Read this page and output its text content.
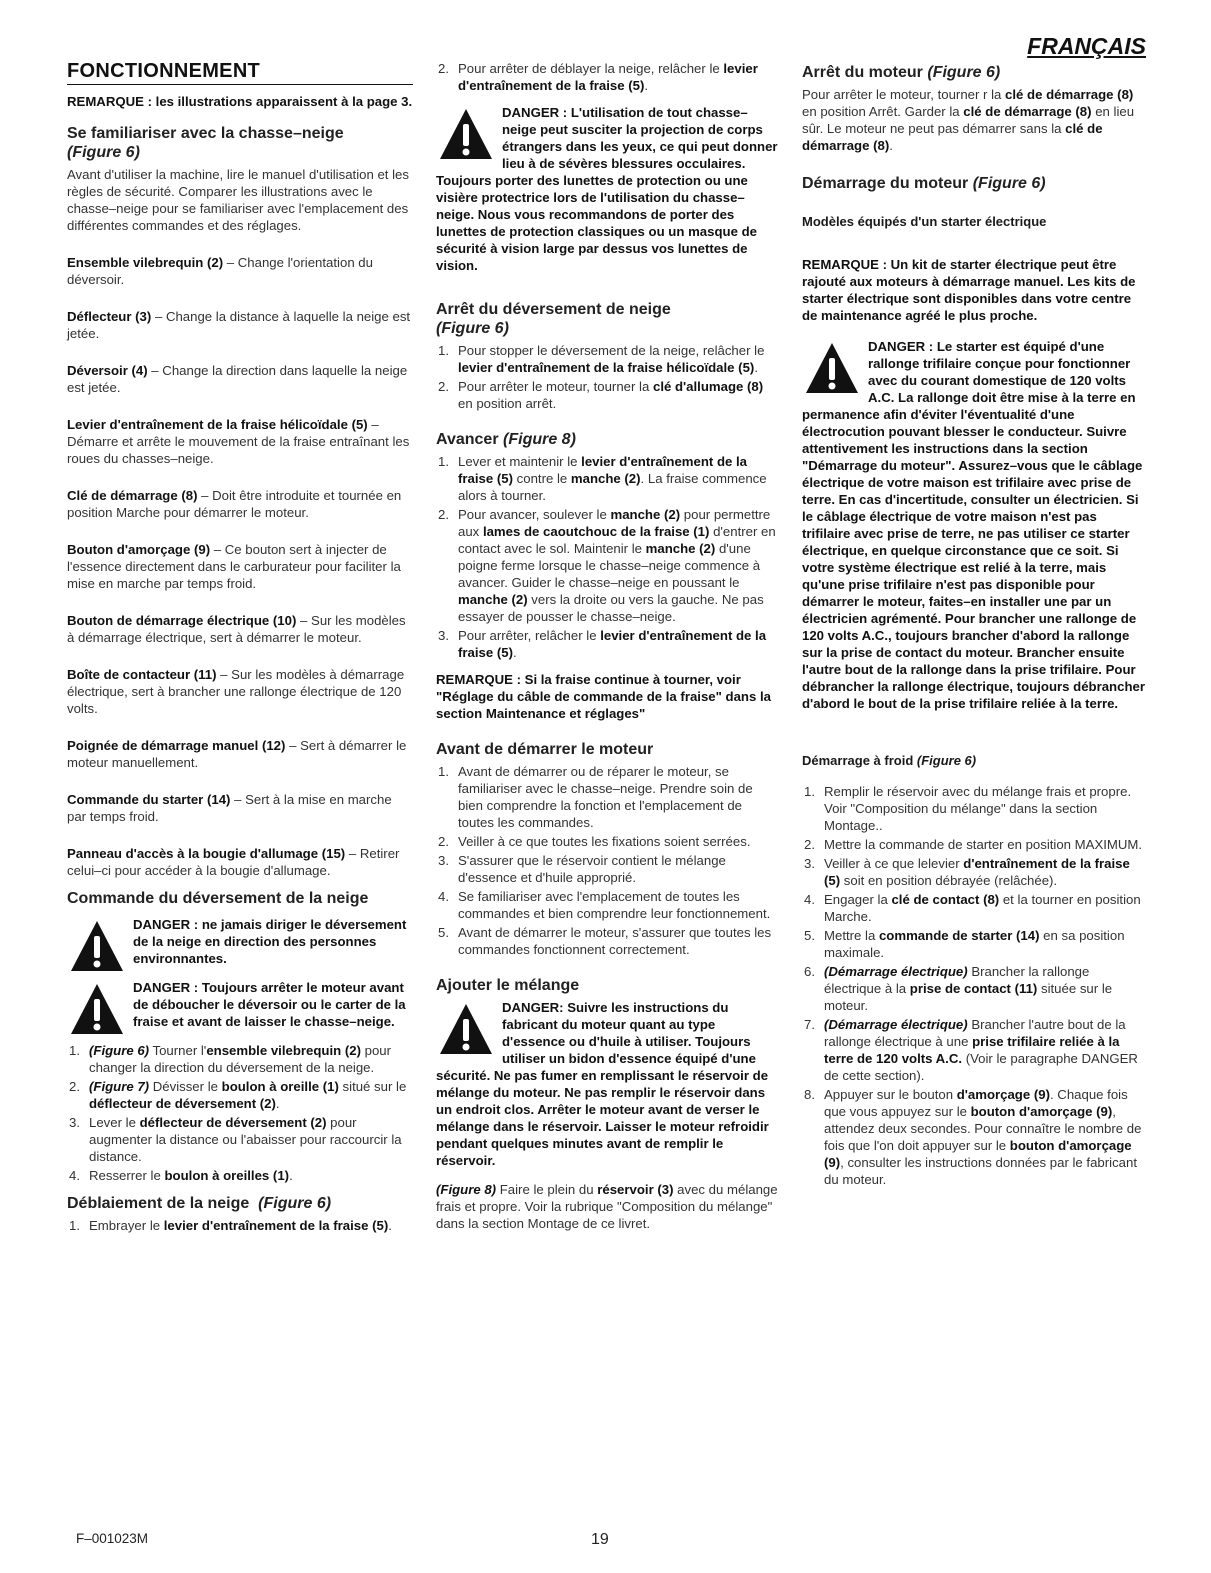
FRANÇAIS
FONCTIONNEMENT

REMARQUE : les illustrations apparaissent à la page 3.

Se familiariser avec la chasse–neige
(Figure 6)

Avant d'utiliser la machine, lire le manuel d'utilisation et les règles de sécurité. Comparer les illustrations avec le chasse–neige pour se familiariser avec l'emplacement des différentes commandes et des réglages.

Ensemble vilebrequin (2) – Change l'orientation du déversoir.

Déflecteur (3) – Change la distance à laquelle la neige est jetée.

Déversoir (4) – Change la direction dans laquelle la neige est jetée.

Levier d'entraînement de la fraise hélicoïdale (5) – Démarre et arrête le mouvement de la fraise entraînant les roues du chasses–neige.

Clé de démarrage (8) – Doit être introduite et tournée en position Marche pour démarrer le moteur.

Bouton d'amorçage (9) – Ce bouton sert à injecter de l'essence directement dans le carburateur pour faciliter la mise en marche par temps froid.

Bouton de démarrage électrique (10) – Sur les modèles à démarrage électrique, sert à démarrer le moteur.

Boîte de contacteur (11) – Sur les modèles à démarrage électrique, sert à brancher une rallonge électrique de 120 volts.

Poignée de démarrage manuel (12) – Sert à démarrer le moteur manuellement.

Commande du starter (14) – Sert à la mise en marche par temps froid.

Panneau d'accès à la bougie d'allumage (15) – Retirer celui–ci pour accéder à la bougie d'allumage.

Commande du déversement de la neige
DANGER : ne jamais diriger le déversement de la neige en direction des personnes environnantes.
DANGER : Toujours arrêter le moteur avant de déboucher le déversoir ou le carter de la fraise et avant de laisser le chasse–neige.
1. (Figure 6) Tourner l'ensemble vilebrequin (2) pour changer la direction du déversement de la neige.
2. (Figure 7) Dévisser le boulon à oreille (1) situé sur le déflecteur de déversement (2).
3. Lever le déflecteur de déversement (2) pour augmenter la distance ou l'abaisser pour raccourcir la distance.
4. Resserrer le boulon à oreilles (1).
Déblaiement de la neige (Figure 6)
1. Embrayer le levier d'entraînement de la fraise (5).
2. Pour arrêter de déblayer la neige, relâcher le levier d'entraînement de la fraise (5).
DANGER : L'utilisation de tout chasse–neige peut susciter la projection de corps étrangers dans les yeux, ce qui peut donner lieu à de sévères blessures occulaires. Toujours porter des lunettes de protection ou une visière protectrice lors de l'utilisation du chasse–neige. Nous vous recommandons de porter des lunettes de protection classiques ou un masque de sécurité à vision large par dessus vos lunettes de vision.
Arrêt du déversement de neige
(Figure 6)
1. Pour stopper le déversement de la neige, relâcher le levier d'entraînement de la fraise hélicoïdale (5).
2. Pour arrêter le moteur, tourner la clé d'allumage (8) en position arrêt.
Avancer (Figure 8)
1. Lever et maintenir le levier d'entraînement de la fraise (5) contre le manche (2). La fraise commence alors à tourner.
2. Pour avancer, soulever le manche (2) pour permettre aux lames de caoutchouc de la fraise (1) d'entrer en contact avec le sol. Maintenir le manche (2) d'une poigne ferme lorsque le chasse–neige commence à avancer. Guider le chasse–neige en poussant le manche (2) vers la droite ou vers la gauche. Ne pas essayer de pousser le chasse–neige.
3. Pour arrêter, relâcher le levier d'entraînement de la fraise (5).

REMARQUE : Si la fraise continue à tourner, voir "Réglage du câble de commande de la fraise" dans la section Maintenance et réglages"

Avant de démarrer le moteur
1. Avant de démarrer ou de réparer le moteur, se familiariser avec le chasse–neige. Prendre soin de bien comprendre la fonction et l'emplacement de toutes les commandes.
2. Veiller à ce que toutes les fixations soient serrées.
3. S'assurer que le réservoir contient le mélange d'essence et d'huile approprié.
4. Se familiariser avec l'emplacement de toutes les commandes et bien comprendre leur fonctionnement.
5. Avant de démarrer le moteur, s'assurer que toutes les commandes fonctionnent correctement.
Ajouter le mélange
DANGER: Suivre les instructions du fabricant du moteur quant au type d'essence ou d'huile à utiliser. Toujours utiliser un bidon d'essence équipé d'une sécurité. Ne pas fumer en remplissant le réservoir de mélange du moteur. Ne pas remplir le réservoir dans un endroit clos. Arrêter le moteur avant de verser le mélange dans le réservoir. Laisser le moteur refroidir pendant quelques minutes avant de remplir le réservoir.

(Figure 8) Faire le plein du réservoir (3) avec du mélange frais et propre. Voir la rubrique "Composition du mélange" dans la section Montage de ce livret.

Arrêt du moteur (Figure 6)

Pour arrêter le moteur, tourner r la clé de démarrage (8) en position Arrêt. Garder la clé de démarrage (8) en lieu sûr. Le moteur ne peut pas démarrer sans la clé de démarrage (8).

Démarrage du moteur (Figure 6)
Modèles équipés d'un starter électrique

REMARQUE : Un kit de starter électrique peut être rajouté aux moteurs à démarrage manuel. Les kits de starter électrique sont disponibles dans votre centre de maintenance agréé le plus proche.

DANGER : Le starter est équipé d'une rallonge trifilaire conçue pour fonctionner avec du courant domestique de 120 volts A.C. La rallonge doit être mise à la terre en permanence afin d'éviter l'éventualité d'une électrocution pouvant blesser le conducteur. Suivre attentivement les instructions dans la section "Démarrage du moteur". Assurez–vous que le câblage électrique de votre maison est trifilaire avec prise de terre. En cas d'incertitude, consulter un électricien. Si le câblage électrique de votre maison n'est pas trifilaire avec prise de terre, ne pas utiliser ce starter électrique, en quelque circonstance que ce soit. Si votre système électrique est relié à la terre, mais qu'une prise trifilaire n'est pas disponible pour démarrer le moteur, faites–en installer une par un électricien agrémenté. Pour brancher une rallonge de 120 volts A.C., toujours brancher d'abord la rallonge sur la prise de contact du moteur. Brancher ensuite l'autre bout de la rallonge dans la prise trifilaire. Pour débrancher la rallonge électrique, toujours débrancher d'abord le bout de la prise trifilaire reliée à la terre.
Démarrage à froid (Figure 6)
1. Remplir le réservoir avec du mélange frais et propre. Voir "Composition du mélange" dans la section Montage..
2. Mettre la commande de starter en position MAXIMUM.
3. Veiller à ce que lelevier d'entraînement de la fraise (5) soit en position débrayée (relâchée).
4. Engager la clé de contact (8) et la tourner en position Marche.
5. Mettre la commande de starter (14) en sa position maximale.
6. (Démarrage électrique) Brancher la rallonge électrique à la prise de contact (11) située sur le moteur.
7. (Démarrage électrique) Brancher l'autre bout de la rallonge électrique à une prise trifilaire reliée à la terre de 120 volts A.C. (Voir le paragraphe DANGER de cette section).
8. Appuyer sur le bouton d'amorçage (9). Chaque fois que vous appuyez sur le bouton d'amorçage (9), attendez deux secondes. Pour connaître le nombre de fois que l'on doit appuyer sur le bouton d'amorçage (9), consulter les instructions données par le fabricant du moteur.
F–001023M	19
